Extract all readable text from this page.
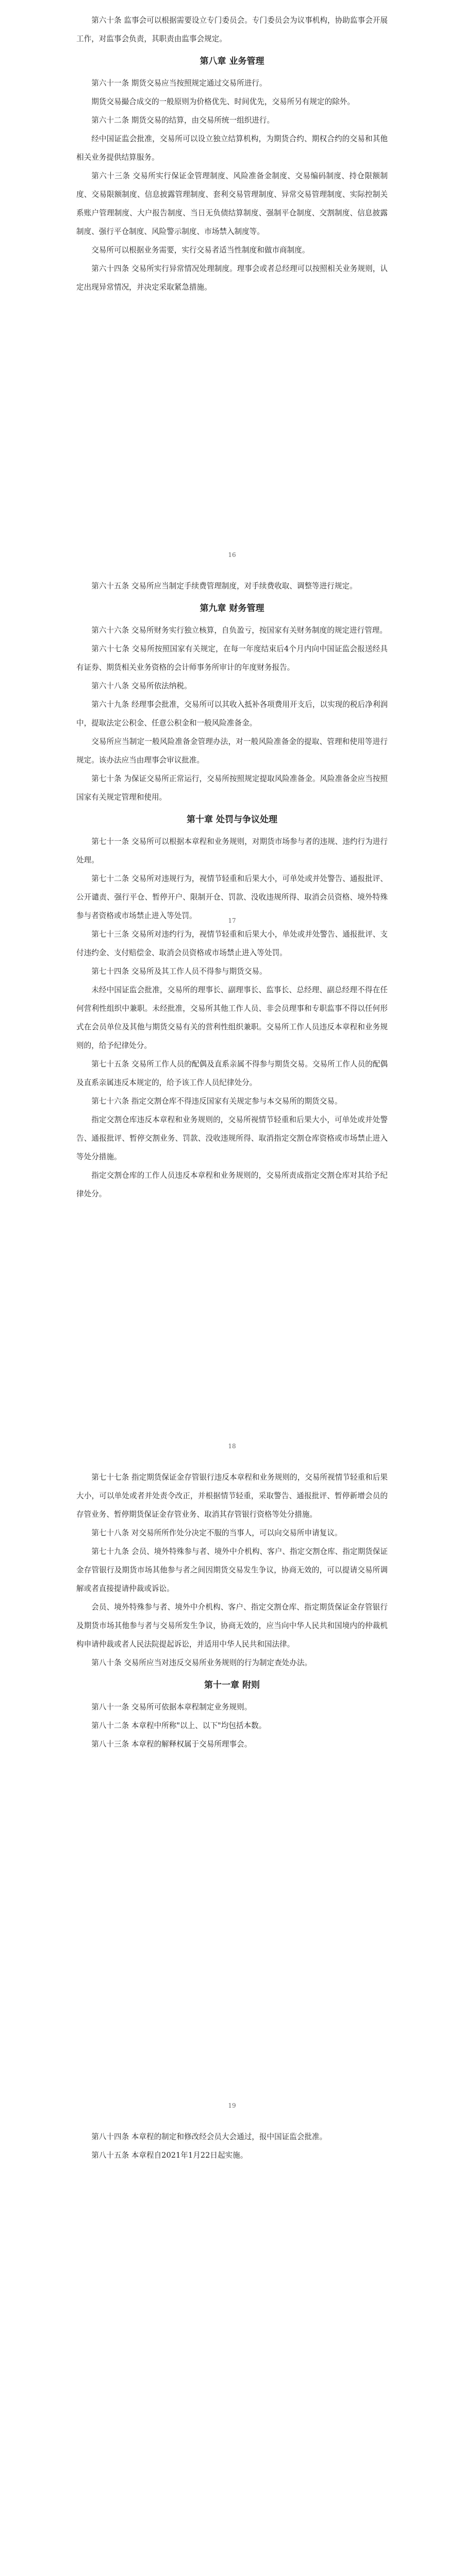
第六十条 监事会可以根据需要设立专门委员会。专门委员会为议事机构，协助监事会开展工作，对监事会负责，其职责由监事会规定。

第八章 业务管理

第六十一条 期货交易应当按照规定通过交易所进行。

期货交易撮合成交的一般原则为价格优先、时间优先，交易所另有规定的除外。

第六十二条 期货交易的结算，由交易所统一组织进行。

经中国证监会批准，交易所可以设立独立结算机构，为期货合约、期权合约的交易和其他相关业务提供结算服务。

第六十三条 交易所实行保证金管理制度、风险准备金制度、交易编码制度、持仓限额制度、交易限额制度、信息披露管理制度、套利交易管理制度、异常交易管理制度、实际控制关系账户管理制度、大户报告制度、当日无负债结算制度、强制平仓制度、交割制度、信息披露制度、强行平仓制度、风险警示制度、市场禁入制度等。

交易所可以根据业务需要，实行交易者适当性制度和做市商制度。

第六十四条 交易所实行异常情况处理制度。理事会或者总经理可以按照相关业务规则，认定出现异常情况，并决定采取紧急措施。

16

第六十五条 交易所应当制定手续费管理制度，对手续费收取、调整等进行规定。

第九章 财务管理

第六十六条 交易所财务实行独立核算，自负盈亏，按国家有关财务制度的规定进行管理。

第六十七条 交易所按照国家有关规定，在每一年度结束后4个月内向中国证监会报送经具有证券、期货相关业务资格的会计师事务所审计的年度财务报告。

第六十八条 交易所依法纳税。

第六十九条 经理事会批准，交易所可以其收入抵补各项费用开支后，以实现的税后净利润中，提取法定公积金、任意公积金和一般风险准备金。

交易所应当制定一般风险准备金管理办法，对一般风险准备金的提取、管理和使用等进行规定。该办法应当由理事会审议批准。

第七十条 为保证交易所正常运行，交易所按照规定提取风险准备金。风险准备金应当按照国家有关规定管理和使用。

第十章 处罚与争议处理

第七十一条 交易所可以根据本章程和业务规则，对期货市场参与者的违规、违约行为进行处理。

第七十二条 交易所对违规行为，视情节轻重和后果大小，可单处或并处警告、通报批评、公开谴责、强行平仓、暂停开户、限制开仓、罚款、没收违规所得、取消会员资格、境外特殊参与者资格或市场禁止进入等处罚。

第七十三条 交易所对违约行为，视情节轻重和后果大小，单处或并处警告、通报批评、支付违约金、支付赔偿金、取消会员资格或市场禁止进入等处罚。

第七十四条 交易所及其工作人员不得参与期货交易。

未经中国证监会批准，交易所的理事长、副理事长、监事长、总经理、副总经理不得在任何营利性组织中兼职。未经批准，交易所其他工作人员、非会员理事和专职监事不得以任何形式在会员单位及其他与期货交易有关的营利性组织兼职。交易所工作人员违反本章程和业务规则的，给予纪律处分。

第七十五条 交易所工作人员的配偶及直系亲属不得参与期货交易。交易所工作人员的配偶及直系亲属违反本规定的，给予该工作人员纪律处分。

第七十六条 指定交割仓库不得违反国家有关规定参与本交易所的期货交易。

指定交割仓库违反本章程和业务规则的，交易所视情节轻重和后果大小，可单处或并处警告、通报批评、暂停交割业务、罚款、没收违规所得、取消指定交割仓库资格或市场禁止进入等处分措施。

指定交割仓库的工作人员违反本章程和业务规则的，交易所责成指定交割仓库对其给予纪律处分。

17

第七十七条 指定期货保证金存管银行违反本章程和业务规则的，交易所视情节轻重和后果大小，可以单处或者并处责令改正，并根据情节轻重，采取警告、通报批评、暂停新增会员的存管业务、暂停期货保证金存管业务、取消其存管银行资格等处分措施。

第七十八条 对交易所所作处分决定不服的当事人，可以向交易所申请复议。

第七十九条 会员、境外特殊参与者、境外中介机构、客户、指定交割仓库、指定期货保证金存管银行及期货市场其他参与者之间因期货交易发生争议，协商无效的，可以提请交易所调解或者直接提请仲裁或诉讼。

会员、境外特殊参与者、境外中介机构、客户、指定交割仓库、指定期货保证金存管银行及期货市场其他参与者与交易所发生争议，协商无效的，应当向中华人民共和国境内的仲裁机构申请仲裁或者人民法院提起诉讼，并适用中华人民共和国法律。

第八十条 交易所应当对违反交易所业务规则的行为制定查处办法。

第十一章 附则

第八十一条 交易所可依据本章程制定业务规则。

第八十二条 本章程中所称"以上、以下"均包括本数。

第八十三条 本章程的解释权属于交易所理事会。

18

第八十四条 本章程的制定和修改经会员大会通过，报中国证监会批准。

第八十五条 本章程自2021年1月22日起实施。

19
